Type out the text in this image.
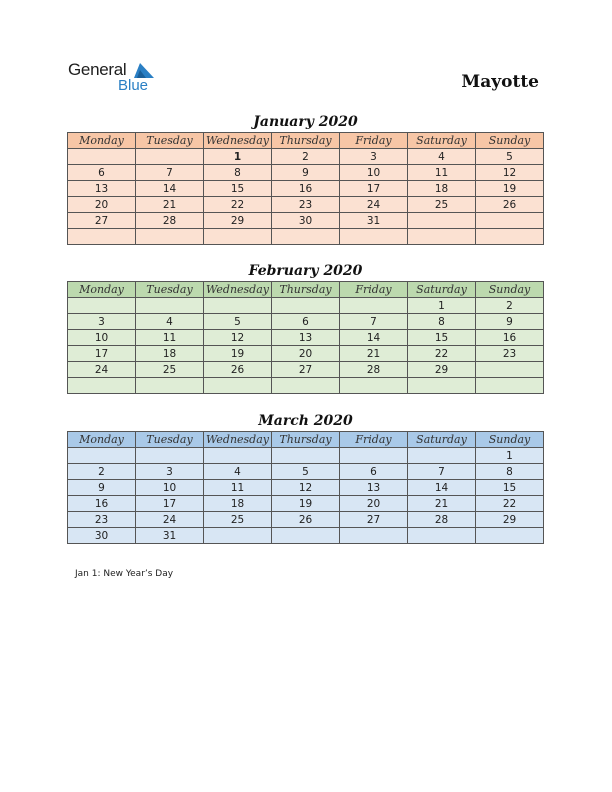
General
Blue	Mayotte
January 2020
Monday	Tuesday	Wednesday	Thursday	Friday	Saturday	Sunday
		1	2	3	4	5
6	7	8	9	10	11	12
13	14	15	16	17	18	19
20	21	22	23	24	25	26
27	28	29	30	31		

February 2020
Monday	Tuesday	Wednesday	Thursday	Friday	Saturday	Sunday
					1	2
3	4	5	6	7	8	9
10	11	12	13	14	15	16
17	18	19	20	21	22	23
24	25	26	27	28	29	

March 2020
Monday	Tuesday	Wednesday	Thursday	Friday	Saturday	Sunday
						1
2	3	4	5	6	7	8
9	10	11	12	13	14	15
16	17	18	19	20	21	22
23	24	25	26	27	28	29
30	31					
Jan 1: New Year’s Day
